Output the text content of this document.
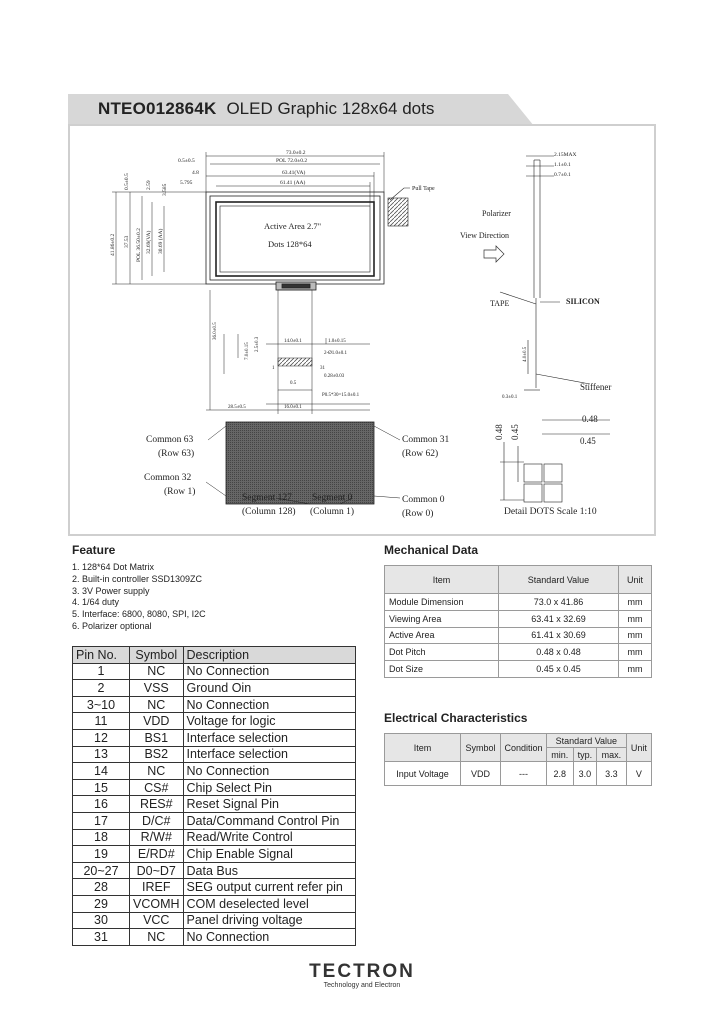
NTEO012864K OLED Graphic 128x64 dots
Pull Tape
Active Area 2.7"
Dots 128*64
73.0±0.2
0.5±0.5	POL 72.0±0.2
4.8	63.41(VA)
5.795	61.41 (AA)
0.5±0.5	2.59 3.585
41.86±0.2 37.53 POL 36.50±0.2 32.69(VA) 30.69 (AA)
36.0±0.5
7.0±0.15 2.5±0.3	14.0±0.1	1.0±0.15
2-Ø1.0±0.1
31
1
0.28±0.03
0.5
P0.5*30=15.0±0.1
28.5±0.5	16.0±0.1
2.15MAX
1.1±0.1
0.7±0.1
Polarizer
View Direction
TAPE	SILICON
Stiffener
4.0±0.5
0.3±0.1
Common 63
(Row 63)
Common 32
(Row 1)
Common 31
(Row 62)
Common 0
(Row 0)
Segment 127
(Column 128)
Segment 0
(Column 1)
0.48 0.45
0.48
0.45
Detail DOTS Scale 1:10
Feature
1. 128*64 Dot Matrix
2. Built-in controller SSD1309ZC
3. 3V Power supply
4. 1/64 duty
5. Interface: 6800, 8080, SPI, I2C
6. Polarizer optional
Pin No.	Symbol	Description
1	NC	No Connection
2	VSS	Ground Oin
3~10	NC	No Connection
11	VDD	Voltage for logic
12	BS1	Interface selection
13	BS2	Interface selection
14	NC	No Connection
15	CS#	Chip Select Pin
16	RES#	Reset Signal Pin
17	D/C#	Data/Command Control Pin
18	R/W#	Read/Write Control
19	E/RD#	Chip Enable Signal
20~27	D0~D7	Data Bus
28	IREF	SEG output current refer pin
29	VCOMH	COM deselected level
30	VCC	Panel driving voltage
31	NC	No Connection
Mechanical Data
Item	Standard Value	Unit
Module Dimension	73.0 x 41.86	mm
Viewing Area	63.41 x 32.69	mm
Active Area	61.41 x 30.69	mm
Dot Pitch	0.48 x 0.48	mm
Dot Size	0.45 x 0.45	mm
Electrical Characteristics
Item	Symbol	Condition	Standard Value			Unit
			min.	typ.	max.	
Input Voltage	VDD	---	2.8	3.0	3.3	V
TECTRON
Technology and Electron
